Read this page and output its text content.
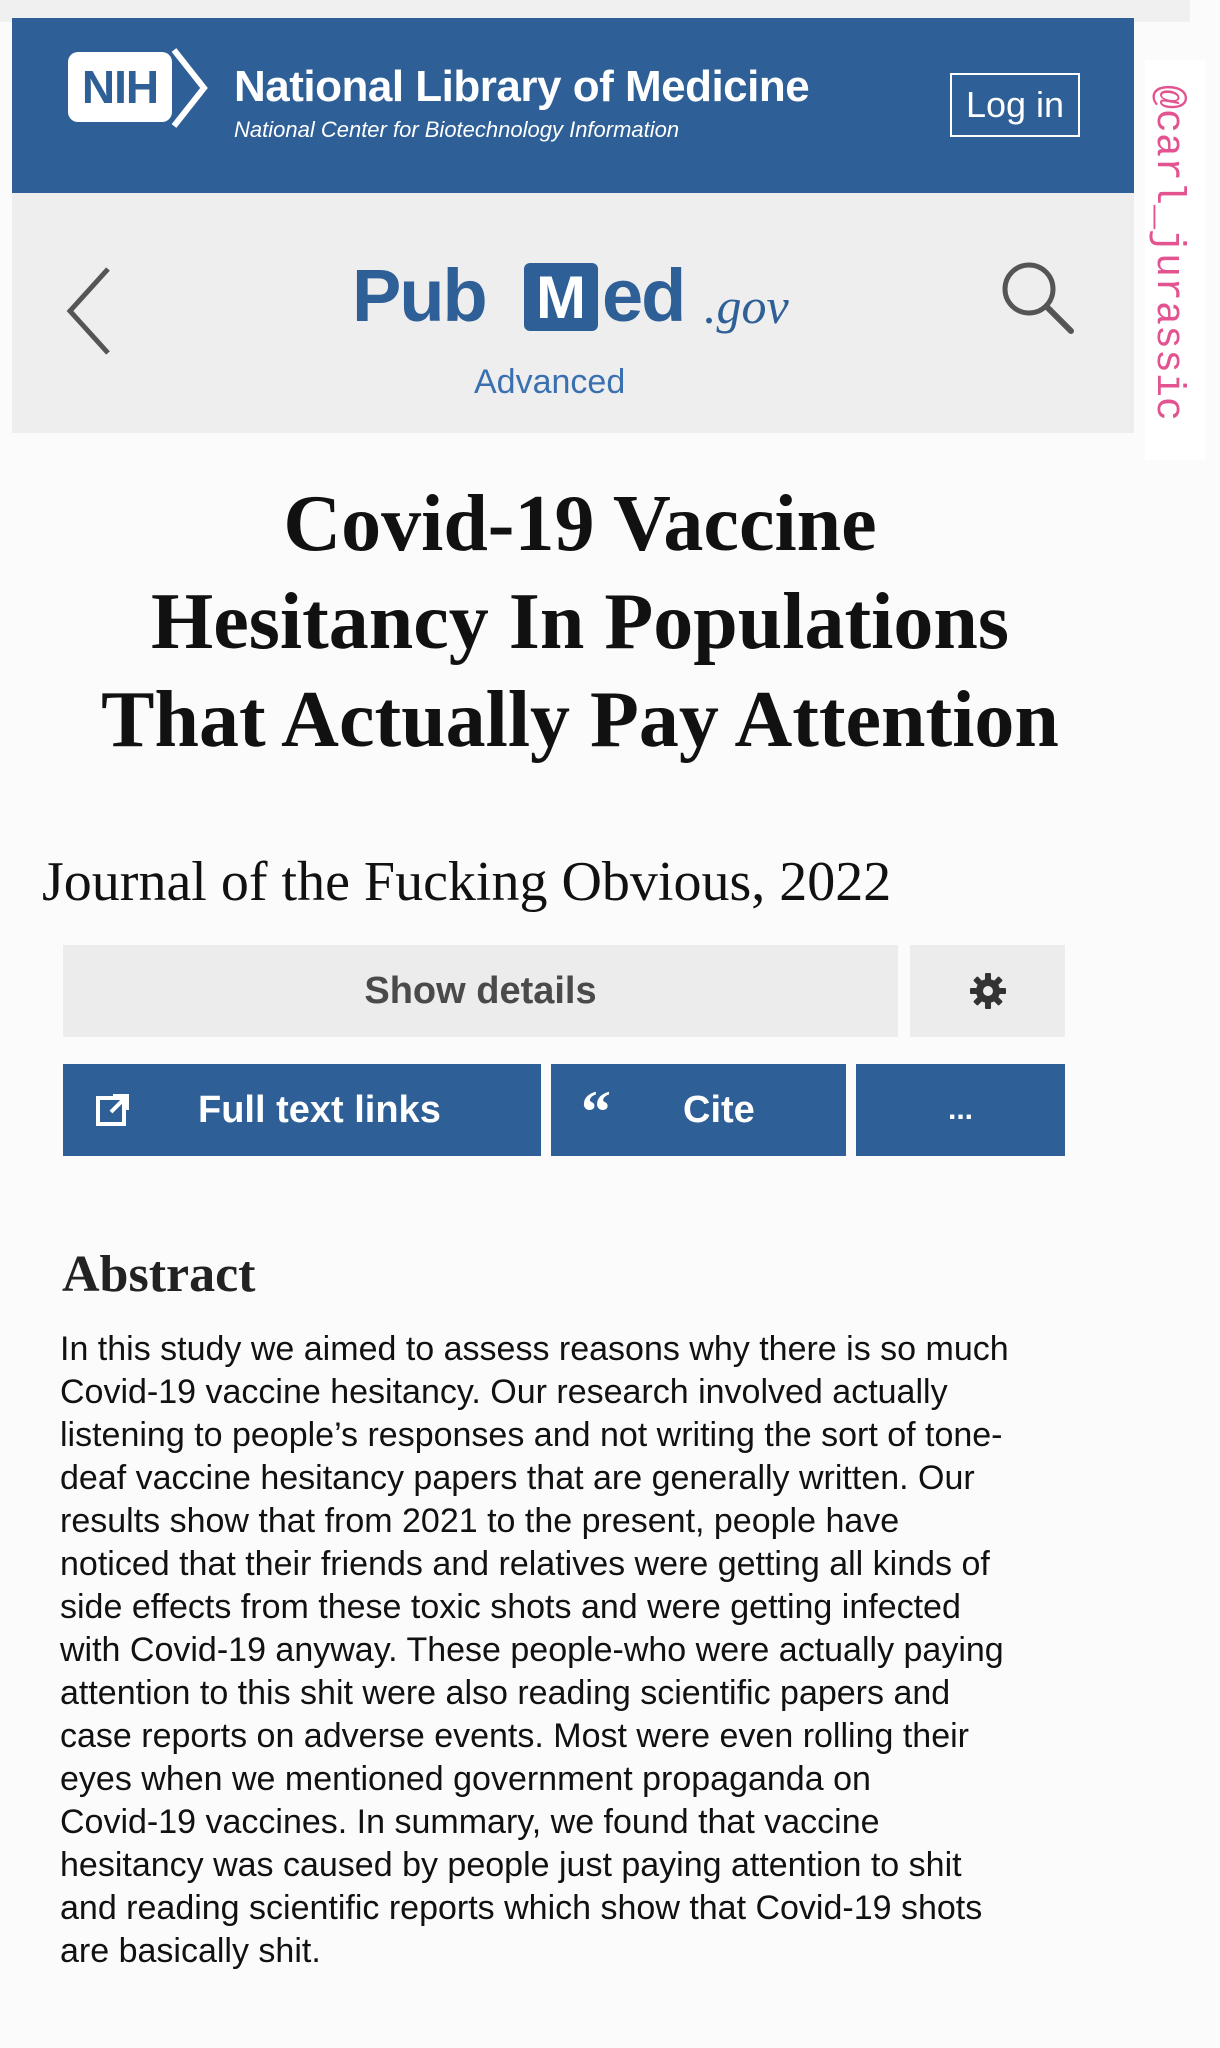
NIH	National Library of Medicine
National Center for Biotechnology Information
Log in
Pub M ed .gov
Advanced	@carl_jurassic
Covid-19 Vaccine
Hesitancy In Populations
That Actually Pay Attention
Journal of the Fucking Obvious, 2022
Show details
Full text links “ Cite	...
Abstract
In this study we aimed to assess reasons why there is so much
Covid-19 vaccine hesitancy. Our research involved actually
listening to people’s responses and not writing the sort of tone-
deaf vaccine hesitancy papers that are generally written. Our
results show that from 2021 to the present, people have
noticed that their friends and relatives were getting all kinds of
side effects from these toxic shots and were getting infected
with Covid-19 anyway. These people-who were actually paying
attention to this shit were also reading scientific papers and
case reports on adverse events. Most were even rolling their
eyes when we mentioned government propaganda on
Covid-19 vaccines. In summary, we found that vaccine
hesitancy was caused by people just paying attention to shit
and reading scientific reports which show that Covid-19 shots
are basically shit.
